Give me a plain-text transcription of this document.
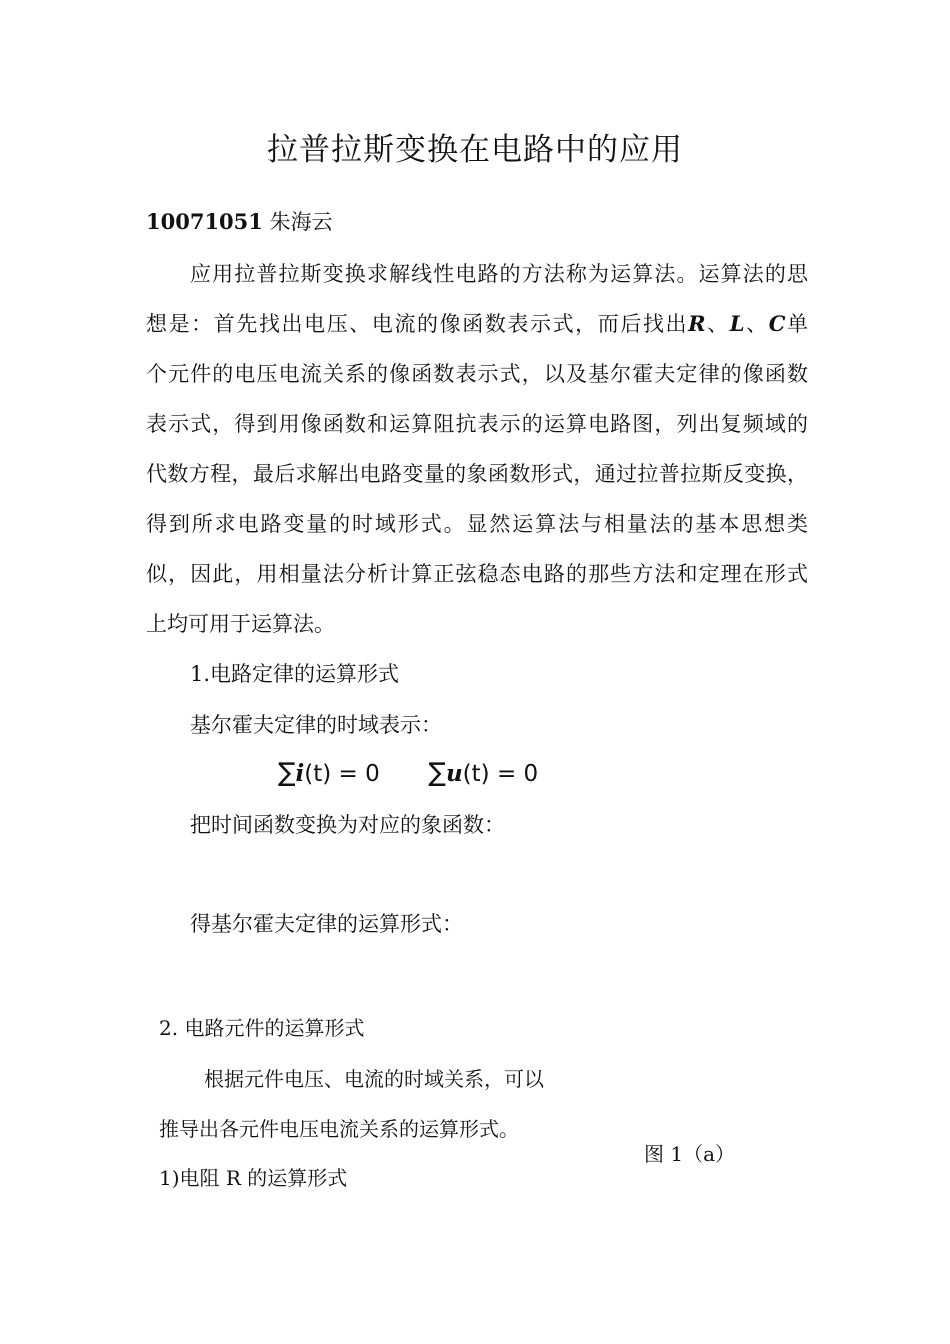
拉普拉斯变换在电路中的应用
10071051 朱海云
应用拉普拉斯变换求解线性电路的方法称为运算法。运算法的思
想是：首先找出电压、电流的像函数表示式，而后找出R、L、C单
个元件的电压电流关系的像函数表示式，以及基尔霍夫定律的像函数
表示式，得到用像函数和运算阻抗表示的运算电路图，列出复频域的
代数方程，最后求解出电路变量的象函数形式，通过拉普拉斯反变换，
得到所求电路变量的时域形式。显然运算法与相量法的基本思想类
似，因此，用相量法分析计算正弦稳态电路的那些方法和定理在形式
上均可用于运算法。
1.电路定律的运算形式
基尔霍夫定律的时域表示：
∑i(t) = 0 ∑u(t) = 0
把时间函数变换为对应的象函数：
得基尔霍夫定律的运算形式：
2. 电路元件的运算形式
根据元件电压、电流的时域关系，可以
推导出各元件电压电流关系的运算形式。
图 1（a）
1)电阻 R 的运算形式
